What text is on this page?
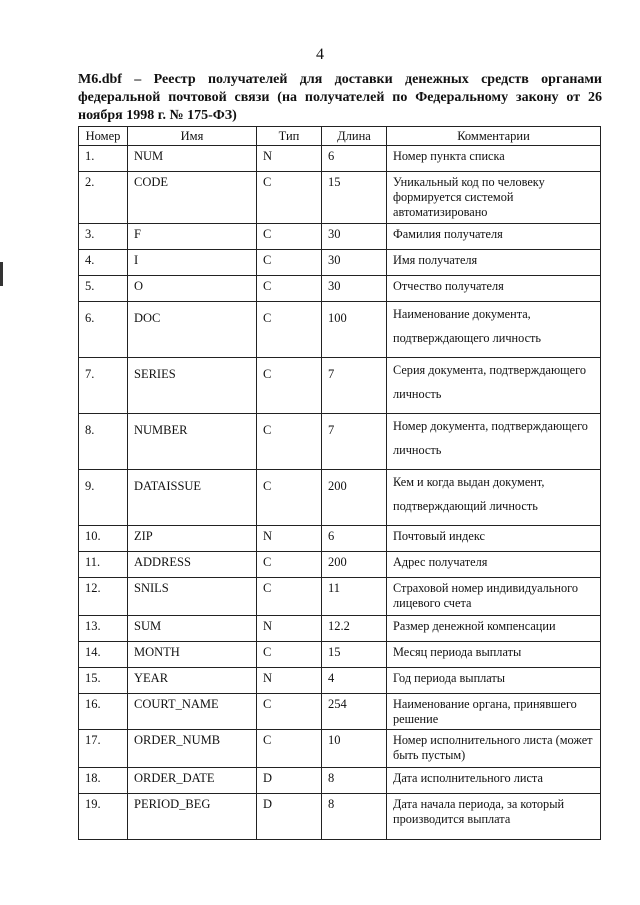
4
M6.dbf – Реестр получателей для доставки денежных средств органами федеральной почтовой связи (на получателей по Федеральному закону от 26 ноября 1998 г. № 175-ФЗ)
Номер	Имя	Тип	Длина	Комментарии
1.	NUM	N	6	Номер пункта списка
2.	CODE	C	15	Уникальный код по человеку формируется системой автоматизировано
3.	F	C	30	Фамилия получателя
4.	I	C	30	Имя получателя
5.	O	C	30	Отчество получателя
6.	DOC	C	100	Наименование документа, подтверждающего личность
7.	SERIES	C	7	Серия документа, подтверждающего личность
8.	NUMBER	C	7	Номер документа, подтверждающего личность
9.	DATAISSUE	C	200	Кем и когда выдан документ, подтверждающий личность
10.	ZIP	N	6	Почтовый индекс
11.	ADDRESS	C	200	Адрес получателя
12.	SNILS	C	11	Страховой номер индивидуального лицевого счета
13.	SUM	N	12.2	Размер денежной компенсации
14.	MONTH	C	15	Месяц периода выплаты
15.	YEAR	N	4	Год периода выплаты
16.	COURT_NAME	C	254	Наименование органа, принявшего решение
17.	ORDER_NUMB	C	10	Номер исполнительного листа (может быть пустым)
18.	ORDER_DATE	D	8	Дата исполнительного листа
19.	PERIOD_BEG	D	8	Дата начала периода, за который производится выплата
